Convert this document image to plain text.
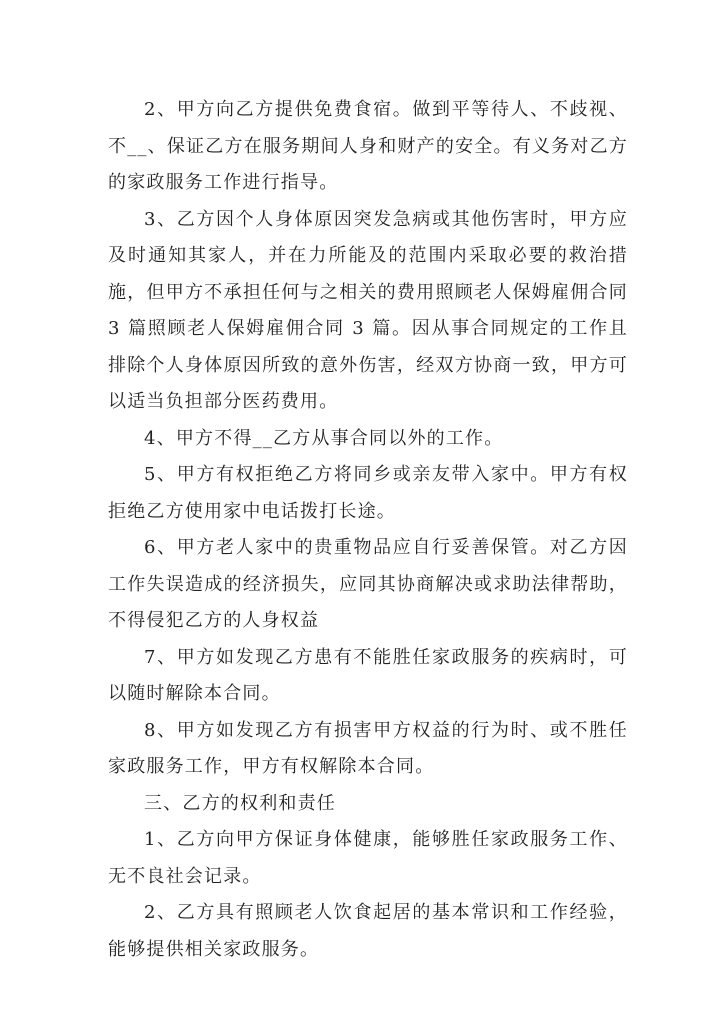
2、甲方向乙方提供免费食宿。做到平等待人、不歧视、不__、保证乙方在服务期间人身和财产的安全。有义务对乙方的家政服务工作进行指导。

3、乙方因个人身体原因突发急病或其他伤害时，甲方应及时通知其家人，并在力所能及的范围内采取必要的救治措施，但甲方不承担任何与之相关的费用照顾老人保姆雇佣合同 3 篇照顾老人保姆雇佣合同 3 篇。因从事合同规定的工作且排除个人身体原因所致的意外伤害，经双方协商一致，甲方可以适当负担部分医药费用。

4、甲方不得__乙方从事合同以外的工作。

5、甲方有权拒绝乙方将同乡或亲友带入家中。甲方有权拒绝乙方使用家中电话拨打长途。

6、甲方老人家中的贵重物品应自行妥善保管。对乙方因工作失误造成的经济损失，应同其协商解决或求助法律帮助，不得侵犯乙方的人身权益

7、甲方如发现乙方患有不能胜任家政服务的疾病时，可以随时解除本合同。

8、甲方如发现乙方有损害甲方权益的行为时、或不胜任家政服务工作，甲方有权解除本合同。

三、乙方的权利和责任

1、乙方向甲方保证身体健康，能够胜任家政服务工作、无不良社会记录。

2、乙方具有照顾老人饮食起居的基本常识和工作经验，能够提供相关家政服务。
